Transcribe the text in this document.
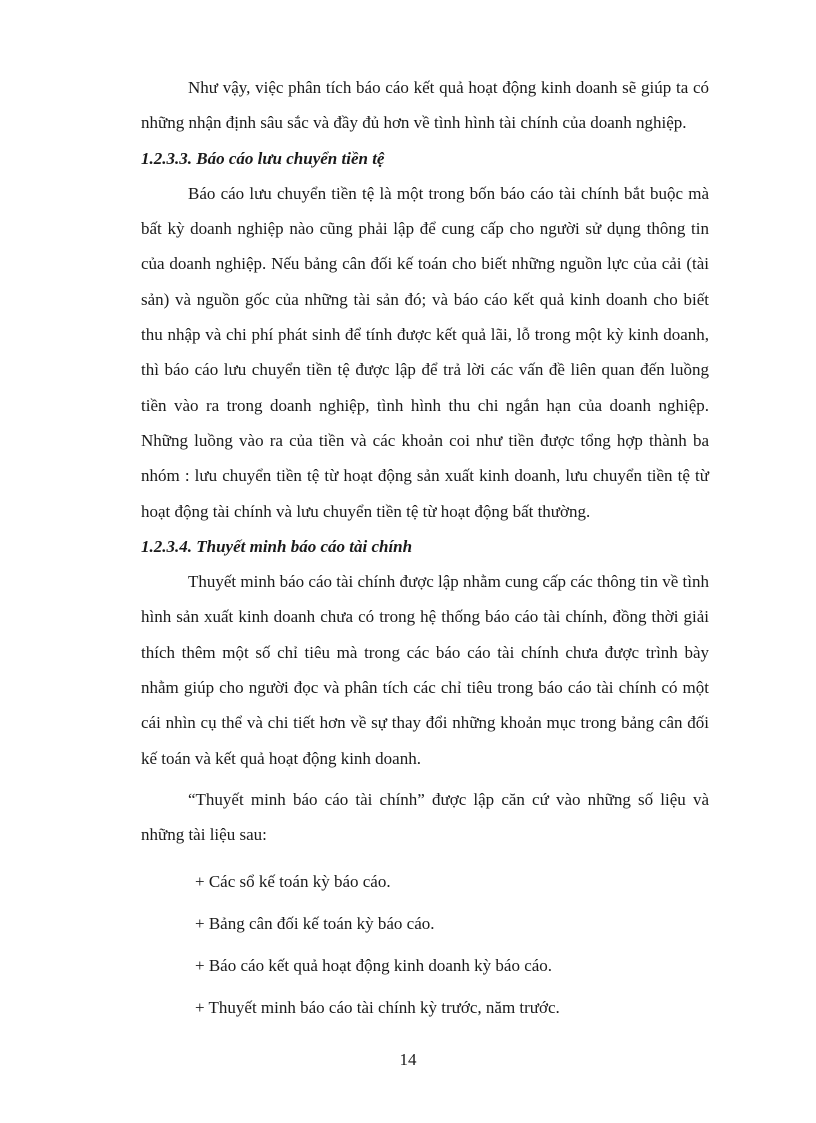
Như vậy, việc phân tích báo cáo kết quả hoạt động kinh doanh sẽ giúp ta có những nhận định sâu sắc và đầy đủ hơn về tình hình tài chính của doanh nghiệp.

1.2.3.3. Báo cáo lưu chuyển tiền tệ

Báo cáo lưu chuyển tiền tệ là một trong bốn báo cáo tài chính bắt buộc mà bất kỳ doanh nghiệp nào cũng phải lập để cung cấp cho người sử dụng thông tin của doanh nghiệp. Nếu bảng cân đối kế toán cho biết những nguồn lực của cải (tài sản) và nguồn gốc của những tài sản đó; và báo cáo kết quả kinh doanh cho biết thu nhập và chi phí phát sinh để tính được kết quả lãi, lỗ trong một kỳ kinh doanh, thì báo cáo lưu chuyển tiền tệ được lập để trả lời các vấn đề liên quan đến luồng tiền vào ra trong doanh nghiệp, tình hình thu chi ngắn hạn của doanh nghiệp. Những luồng vào ra của tiền và các khoản coi như tiền được tổng hợp thành ba nhóm : lưu chuyển tiền tệ từ hoạt động sản xuất kinh doanh, lưu chuyển tiền tệ từ hoạt động tài chính và lưu chuyển tiền tệ từ hoạt động bất thường.

1.2.3.4. Thuyết minh báo cáo tài chính

Thuyết minh báo cáo tài chính được lập nhằm cung cấp các thông tin về tình hình sản xuất kinh doanh chưa có trong hệ thống báo cáo tài chính, đồng thời giải thích thêm một số chỉ tiêu mà trong các báo cáo tài chính chưa được trình bày nhằm giúp cho người đọc và phân tích các chỉ tiêu trong báo cáo tài chính có một cái nhìn cụ thể và chi tiết hơn về sự thay đổi những khoản mục trong bảng cân đối kế toán và kết quả hoạt động kinh doanh.

“Thuyết minh báo cáo tài chính” được lập căn cứ vào những số liệu và những tài liệu sau:

+ Các sổ kế toán kỳ báo cáo.

+ Bảng cân đối kế toán kỳ báo cáo.

+ Báo cáo kết quả hoạt động kinh doanh kỳ báo cáo.

+ Thuyết minh báo cáo tài chính kỳ trước, năm trước.

14
